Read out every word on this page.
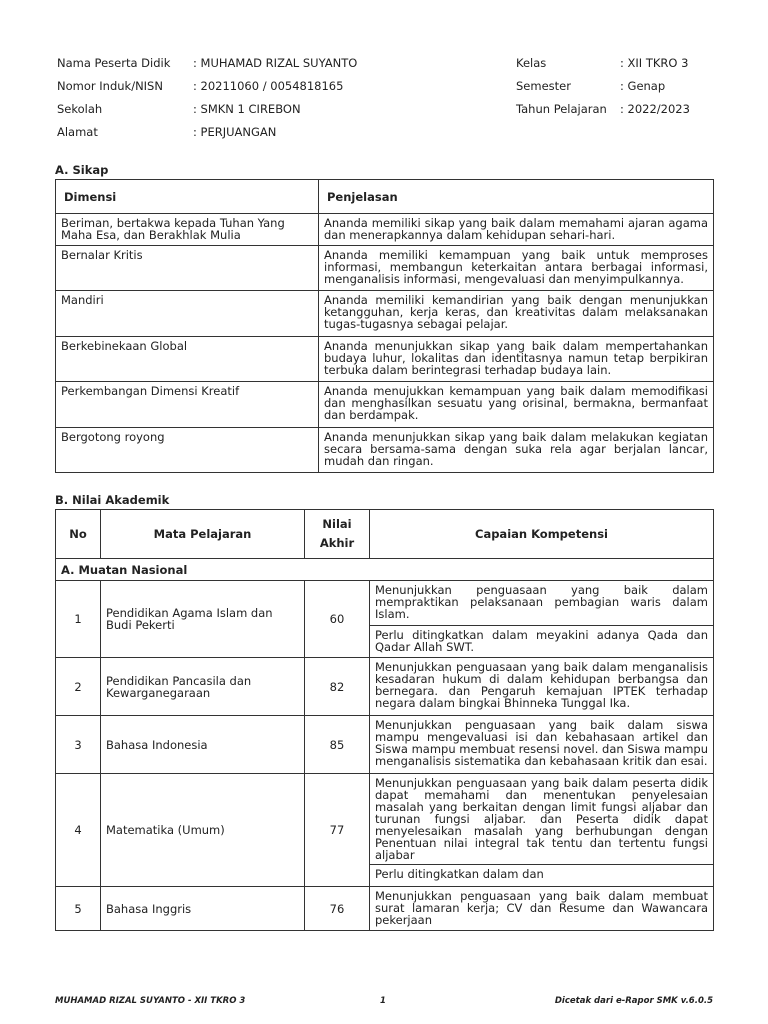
Nama Peserta Didik : MUHAMAD RIZAL SUYANTO	Kelas	: XII TKRO 3
Nomor Induk/NISN	: 20211060 / 0054818165	Semester	: Genap
Sekolah	: SMKN 1 CIREBON	Tahun Pelajaran : 2022/2023
Alamat	: PERJUANGAN
A. Sikap
Dimensi	Penjelasan
Beriman, bertakwa kepada Tuhan Yang Maha Esa, dan Berakhlak Mulia	Ananda memiliki sikap yang baik dalam memahami ajaran agama dan menerapkannya dalam kehidupan sehari-hari.
Bernalar Kritis	Ananda memiliki kemampuan yang baik untuk memproses informasi, membangun keterkaitan antara berbagai informasi, menganalisis informasi, mengevaluasi dan menyimpulkannya.
Mandiri	Ananda memiliki kemandirian yang baik dengan menunjukkan ketangguhan, kerja keras, dan kreativitas dalam melaksanakan tugas-tugasnya sebagai pelajar.
Berkebinekaan Global	Ananda menunjukkan sikap yang baik dalam mempertahankan budaya luhur, lokalitas dan identitasnya namun tetap berpikiran terbuka dalam berintegrasi terhadap budaya lain.
Perkembangan Dimensi Kreatif	Ananda menujukkan kemampuan yang baik dalam memodifikasi dan menghasilkan sesuatu yang orisinal, bermakna, bermanfaat dan berdampak.
Bergotong royong	Ananda menunjukkan sikap yang baik dalam melakukan kegiatan secara bersama-sama dengan suka rela agar berjalan lancar, mudah dan ringan.
B. Nilai Akademik
No	Mata Pelajaran	Nilai Akhir	Capaian Kompetensi
A. Muatan Nasional			
1	Pendidikan Agama Islam dan Budi Pekerti	60	Menunjukkan penguasaan yang baik dalam mempraktikan pelaksanaan pembagian waris dalam Islam.
			Perlu ditingkatkan dalam meyakini adanya Qada dan Qadar Allah SWT.
2	Pendidikan Pancasila dan Kewarganegaraan	82	Menunjukkan penguasaan yang baik dalam menganalisis kesadaran hukum di dalam kehidupan berbangsa dan bernegara. dan Pengaruh kemajuan IPTEK terhadap negara dalam bingkai Bhinneka Tunggal Ika.
3	Bahasa Indonesia	85	Menunjukkan penguasaan yang baik dalam siswa mampu mengevaluasi isi dan kebahasaan artikel dan Siswa mampu membuat resensi novel. dan Siswa mampu menganalisis sistematika dan kebahasaan kritik dan esai.
4	Matematika (Umum)	77	Menunjukkan penguasaan yang baik dalam peserta didik dapat memahami dan menentukan penyelesaian masalah yang berkaitan dengan limit fungsi aljabar dan turunan fungsi aljabar. dan Peserta didik dapat menyelesaikan masalah yang berhubungan dengan Penentuan nilai integral tak tentu dan tertentu fungsi aljabar
			Perlu ditingkatkan dalam dan
5	Bahasa Inggris	76	Menunjukkan penguasaan yang baik dalam membuat surat lamaran kerja; CV dan Resume dan Wawancara pekerjaan
MUHAMAD RIZAL SUYANTO - XII TKRO 3	1	Dicetak dari e-Rapor SMK v.6.0.5
